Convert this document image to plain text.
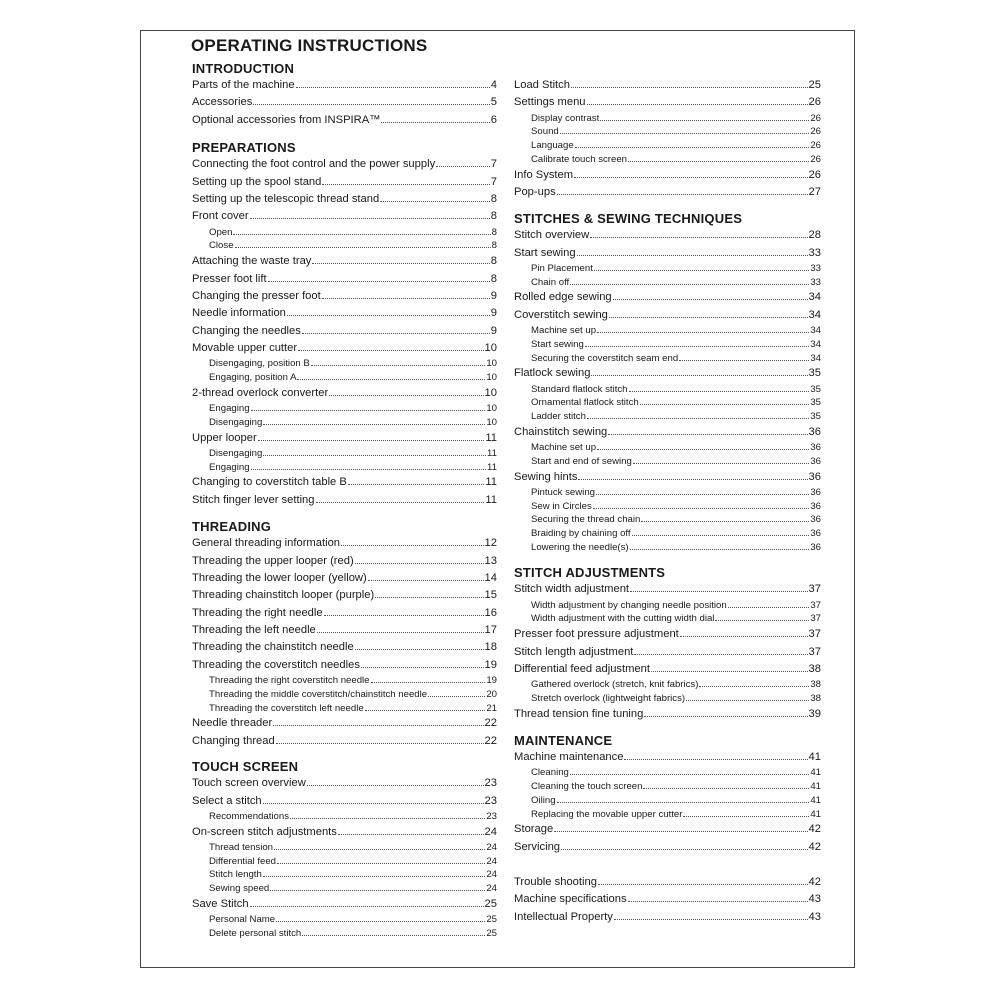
OPERATING INSTRUCTIONS
INTRODUCTION
Parts of the machine	4
Accessories	5
Optional accessories from INSPIRA™	6
PREPARATIONS
Connecting the foot control and the power supply	7
Setting up the spool stand	7
Setting up the telescopic thread stand	8
Front cover	8
Open	8
Close	8
Attaching the waste tray	8
Presser foot lift	8
Changing the presser foot	9
Needle information	9
Changing the needles	9
Movable upper cutter	10
Disengaging, position B	10
Engaging, position A	10
2-thread overlock converter	10
Engaging	10
Disengaging	10
Upper looper	11
Disengaging	11
Engaging	11
Changing to coverstitch table B	11
Stitch finger lever setting	11
THREADING
General threading information	12
Threading the upper looper (red)	13
Threading the lower looper (yellow)	14
Threading chainstitch looper (purple)	15
Threading the right needle	16
Threading the left needle	17
Threading the chainstitch needle	18
Threading the coverstitch needles	19
Threading the right coverstitch needle	19
Threading the middle coverstitch/chainstitch needle	20
Threading the coverstitch left needle	21
Needle threader	22
Changing thread	22
TOUCH SCREEN
Touch screen overview	23
Select a stitch	23
Recommendations	23
On-screen stitch adjustments	24
Thread tension	24
Differential feed	24
Stitch length	24
Sewing speed	24
Save Stitch	25
Personal Name	25
Delete personal stitch	25
Load Stitch	25
Settings menu	26
Display contrast	26
Sound	26
Language	26
Calibrate touch screen	26
Info System	26
Pop-ups	27
STITCHES & SEWING TECHNIQUES
Stitch overview	28
Start sewing	33
Pin Placement	33
Chain off	33
Rolled edge sewing	34
Coverstitch sewing	34
Machine set up	34
Start sewing	34
Securing the coverstitch seam end	34
Flatlock sewing	35
Standard flatlock stitch	35
Ornamental flatlock stitch	35
Ladder stitch	35
Chainstitch sewing	36
Machine set up	36
Start and end of sewing	36
Sewing hints	36
Pintuck sewing	36
Sew in Circles	36
Securing the thread chain	36
Braiding by chaining off	36
Lowering the needle(s)	36
STITCH ADJUSTMENTS
Stitch width adjustment	37
Width adjustment by changing needle position	37
Width adjustment with the cutting width dial	37
Presser foot pressure adjustment	37
Stitch length adjustment	37
Differential feed adjustment	38
Gathered overlock (stretch, knit fabrics)	38
Stretch overlock (lightweight fabrics)	38
Thread tension fine tuning	39
MAINTENANCE
Machine maintenance	41
Cleaning	41
Cleaning the touch screen	41
Oiling	41
Replacing the movable upper cutter	41
Storage	42
Servicing	42
Trouble shooting	42
Machine specifications	43
Intellectual Property	43
